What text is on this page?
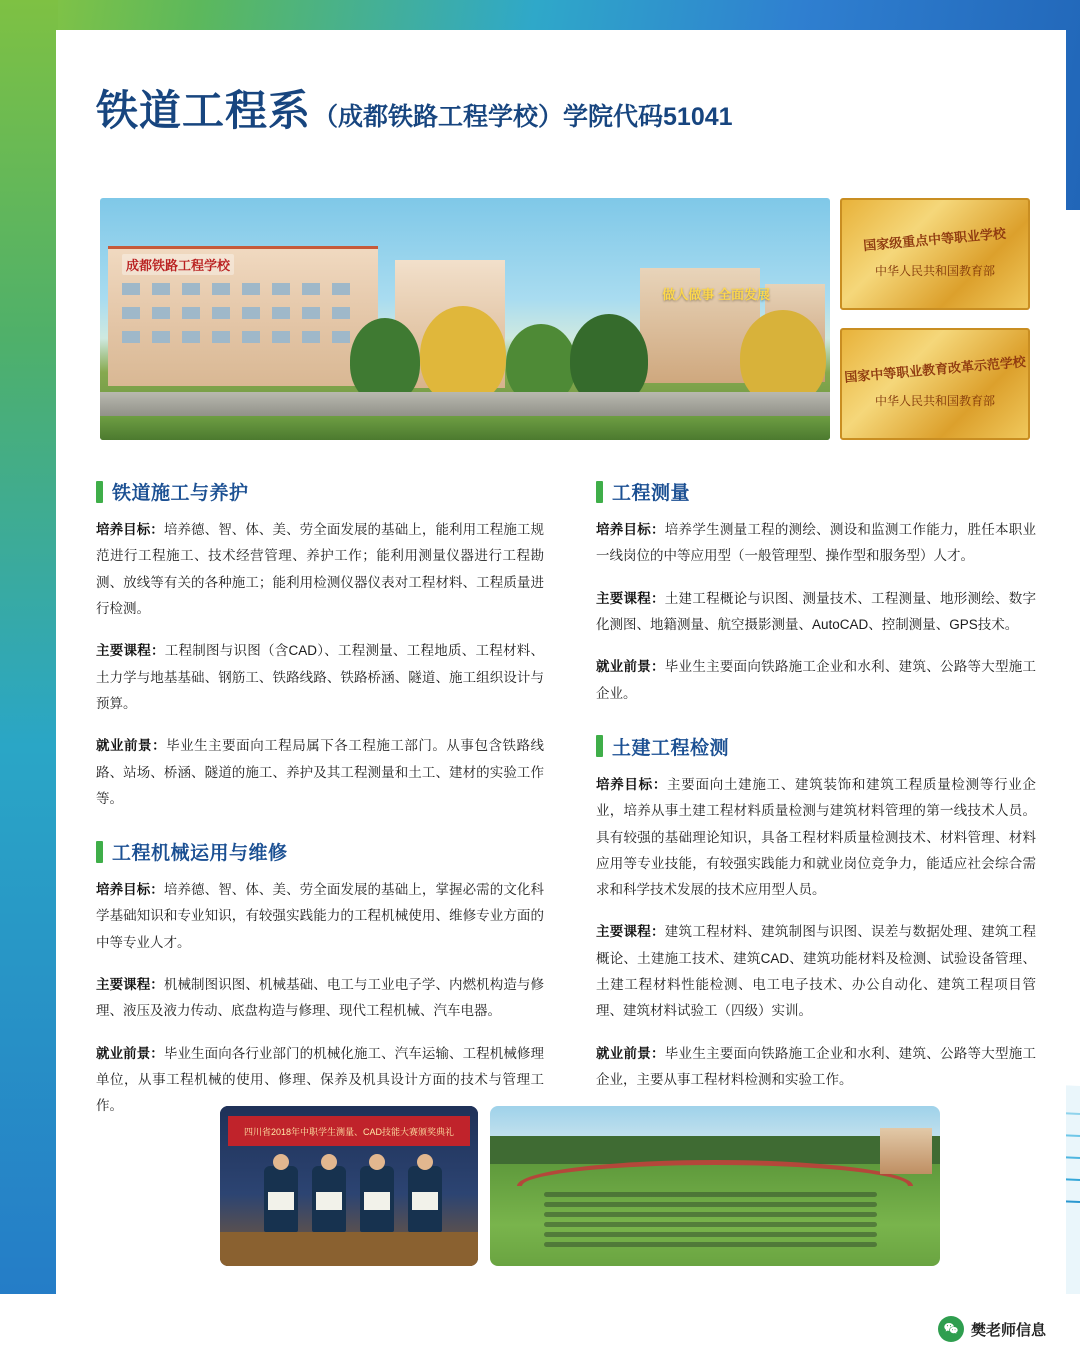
铁道工程系
铁道工程系 （成都铁路工程学校）学院代码51041
成都铁路工程学校
做人做事 全面发展
国家级重点中等职业学校
中华人民共和国教育部
国家中等职业教育改革示范学校
中华人民共和国教育部
铁道施工与养护

培养目标：培养德、智、体、美、劳全面发展的基础上，能利用工程施工规范进行工程施工、技术经营管理、养护工作；能利用测量仪器进行工程勘测、放线等有关的各种施工；能利用检测仪器仪表对工程材料、工程质量进行检测。

主要课程：工程制图与识图（含CAD）、工程测量、工程地质、工程材料、土力学与地基基础、钢筋工、铁路线路、铁路桥涵、隧道、施工组织设计与预算。

就业前景：毕业生主要面向工程局属下各工程施工部门。从事包含铁路线路、站场、桥涵、隧道的施工、养护及其工程测量和土工、建材的实验工作等。

工程机械运用与维修

培养目标：培养德、智、体、美、劳全面发展的基础上，掌握必需的文化科学基础知识和专业知识，有较强实践能力的工程机械使用、维修专业方面的中等专业人才。

主要课程：机械制图识图、机械基础、电工与工业电子学、内燃机构造与修理、液压及液力传动、底盘构造与修理、现代工程机械、汽车电器。

就业前景：毕业生面向各行业部门的机械化施工、汽车运输、工程机械修理单位，从事工程机械的使用、修理、保养及机具设计方面的技术与管理工作。

工程测量

培养目标：培养学生测量工程的测绘、测设和监测工作能力，胜任本职业一线岗位的中等应用型（一般管理型、操作型和服务型）人才。

主要课程：土建工程概论与识图、测量技术、工程测量、地形测绘、数字化测图、地籍测量、航空摄影测量、AutoCAD、控制测量、GPS技术。

就业前景：毕业生主要面向铁路施工企业和水利、建筑、公路等大型施工企业。

土建工程检测

培养目标：主要面向土建施工、建筑装饰和建筑工程质量检测等行业企业，培养从事土建工程材料质量检测与建筑材料管理的第一线技术人员。具有较强的基础理论知识，具备工程材料质量检测技术、材料管理、材料应用等专业技能，有较强实践能力和就业岗位竞争力，能适应社会综合需求和科学技术发展的技术应用型人员。

主要课程：建筑工程材料、建筑制图与识图、误差与数据处理、建筑工程概论、土建施工技术、建筑CAD、建筑功能材料及检测、试验设备管理、土建工程材料性能检测、电工电子技术、办公自动化、建筑工程项目管理、建筑材料试验工（四级）实训。

就业前景：毕业生主要面向铁路施工企业和水利、建筑、公路等大型施工企业，主要从事工程材料检测和实验工作。

四川省2018年中职学生测量、CAD技能大赛颁奖典礼
樊老师信息
